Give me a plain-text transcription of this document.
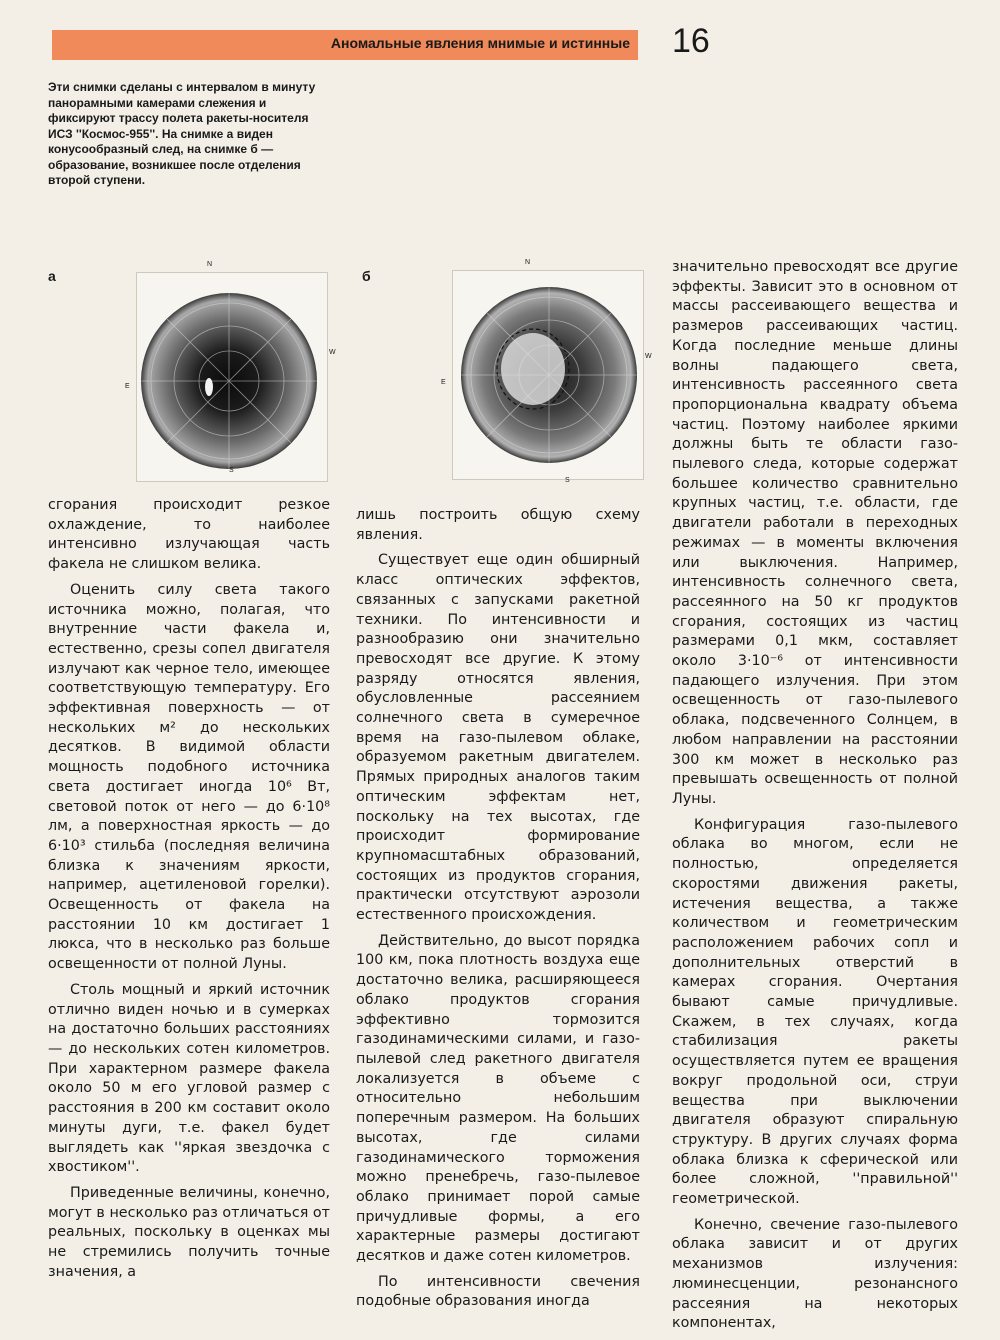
Аномальные явления мнимые и истинные 16

Эти снимки сделаны с интервалом в минуту панорамными камерами слежения и фиксируют трассу полета ракеты-носителя ИСЗ ''Космос-955''. На снимке а виден конусообразный след, на снимке б — образование, возникшее после отделения второй ступени.

а
N
E
W
S
б
N
E
W
S

сгорания происходит резкое охлаждение, то наиболее интенсивно излучающая часть факела не слишком велика.

Оценить силу света такого источника можно, полагая, что внутренние части факела и, естественно, срезы сопел двигателя излучают как черное тело, имеющее соответствующую температуру. Его эффективная поверхность — от нескольких м² до нескольких десятков. В видимой области мощность подобного источника света достигает иногда 10⁶ Вт, световой поток от него — до 6·10⁸ лм, а поверхностная яркость — до 6·10³ стильба (последняя величина близка к значениям яркости, например, ацетиленовой горелки). Освещенность от факела на расстоянии 10 км достигает 1 люкса, что в несколько раз больше освещенности от полной Луны.

Столь мощный и яркий источник отлично виден ночью и в сумерках на достаточно больших расстояниях — до нескольких сотен километров. При характерном размере факела около 50 м его угловой размер с расстояния в 200 км составит около минуты дуги, т.е. факел будет выглядеть как ''яркая звездочка с хвостиком''.

Приведенные величины, конечно, могут в несколько раз отличаться от реальных, поскольку в оценках мы не стремились получить точные значения, а

лишь построить общую схему явления.

Существует еще один обширный класс оптических эффектов, связанных с запусками ракетной техники. По интенсивности и разнообразию они значительно превосходят все другие. К этому разряду относятся явления, обусловленные рассеянием солнечного света в сумеречное время на газо-пылевом облаке, образуемом ракетным двигателем. Прямых природных аналогов таким оптическим эффектам нет, поскольку на тех высотах, где происходит формирование крупномасштабных образований, состоящих из продуктов сгорания, практически отсутствуют аэрозоли естественного происхождения.

Действительно, до высот порядка 100 км, пока плотность воздуха еще достаточно велика, расширяющееся облако продуктов сгорания эффективно тормозится газодинамическими силами, и газо-пылевой след ракетного двигателя локализуется в объеме с относительно небольшим поперечным размером. На больших высотах, где силами газодинамического торможения можно пренебречь, газо-пылевое облако принимает порой самые причудливые формы, а его характерные размеры достигают десятков и даже сотен километров.

По интенсивности свечения подобные образования иногда

значительно превосходят все другие эффекты. Зависит это в основном от массы рассеивающего вещества и размеров рассеивающих частиц. Когда последние меньше длины волны падающего света, интенсивность рассеянного света пропорциональна квадрату объема частиц. Поэтому наиболее яркими должны быть те области газо-пылевого следа, которые содержат большее количество сравнительно крупных частиц, т.е. области, где двигатели работали в переходных режимах — в моменты включения или выключения. Например, интенсивность солнечного света, рассеянного на 50 кг продуктов сгорания, состоящих из частиц размерами 0,1 мкм, составляет около 3·10⁻⁶ от интенсивности падающего излучения. При этом освещенность от газо-пылевого облака, подсвеченного Солнцем, в любом направлении на расстоянии 300 км может в несколько раз превышать освещенность от полной Луны.

Конфигурация газо-пылевого облака во многом, если не полностью, определяется скоростями движения ракеты, истечения вещества, а также количеством и геометрическим расположением рабочих сопл и дополнительных отверстий в камерах сгорания. Очертания бывают самые причудливые. Скажем, в тех случаях, когда стабилизация ракеты осуществляется путем ее вращения вокруг продольной оси, струи вещества при выключении двигателя образуют спиральную структуру. В других случаях форма облака близка к сферической или более сложной, ''правильной'' геометрической.

Конечно, свечение газо-пылевого облака зависит и от других механизмов излучения: люминесценции, резонансного рассеяния на некоторых компонентах,
